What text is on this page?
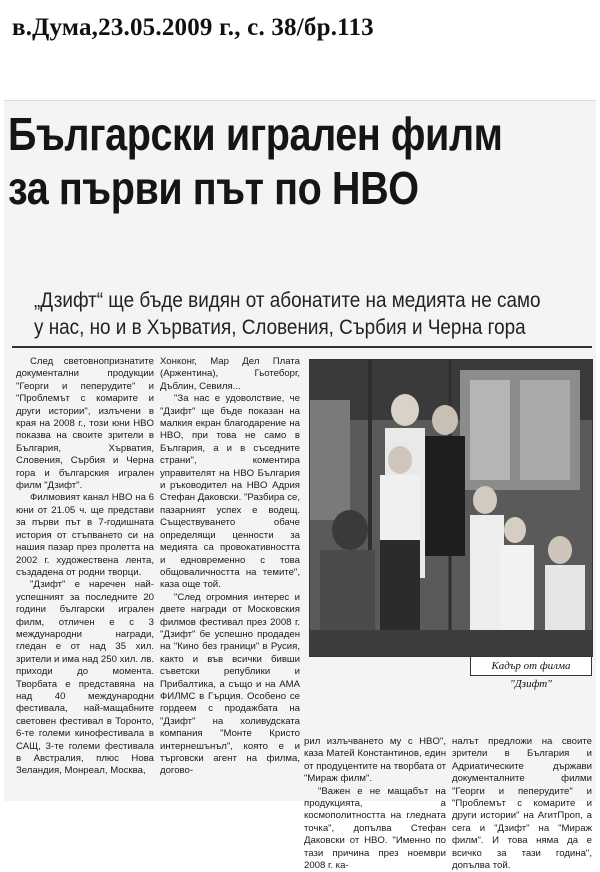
в.Дума,23.05.2009 г., с. 38/бр.113
Български игрален филм
за първи път по HBO
„Дзифт“ ще бъде видян от абонатите на медията не само
у нас, но и в Хърватия, Словения, Сърбия и Черна гора

След световнопризнатите документални продукции "Георги и пеперудите" и "Проблемът с комарите и други истории", излъчени в края на 2008 г., този юни HBO показва на своите зрители в България, Хърватия, Словения, Сърбия и Черна гора и българския игрален филм "Дзифт".

Филмовият канал HBO на 6 юни от 21.05 ч. ще представи за първи път в 7-годишната история от стъпването си на нашия пазар през пролетта на 2002 г. художествена лента, създадена от родни творци.

"Дзифт" е наречен най-успешният за последните 20 години български игрален филм, отличен е с 3 международни награди, гледан е от над 35 хил. зрители и има над 250 хил. лв. приходи до момента. Творбата е представяна на над 40 международни фестивала, най-мащабните световен фестивал в Торонто, 6-те големи кинофестивала в САЩ, 3-те големи фестивала в Австралия, плюс Нова Зеландия, Монреал, Москва,

Хонконг, Мар Дел Плата (Аржентина), Гьотеборг, Дъблин, Севиля...

"За нас е удоволствие, че "Дзифт" ще бъде показан на малкия екран благодарение на HBO, при това не само в България, а и в съседните страни", коментира управителят на HBO България и ръководител на HBO Адрия Стефан Даковски. "Разбира се, пазарният успех е водещ. Съществуването обаче определящи ценности за медията са провокативността и едновременно с това общоваличността на темите", каза още той.

"След огромния интерес и двете награди от Московския филмов фестивал през 2008 г. "Дзифт" бе успешно продаден на "Кино без граници" в Русия, както и във всички бивши съветски републики и Прибалтика, а също и на АМА ФИЛМС в Гърция. Особено се гордеем с продажбата на "Дзифт" на холивудската компания "Монте Кристо интернешънъл", която е и търговски агент на филма, догово-

Кадър от филма "Дзифт"

рил излъчването му с HBO", каза Матей Константинов, един от продуцентите на творбата от "Мираж филм".

"Важен е не мащабът на продукцията, а космополитността на гледната точка", допълва Стефан Даковски от HBO. "Именно по тази причина през ноември 2008 г. ка-

налът предложи на своите зрители в България и Адриатическите държави документалните филми "Георги и пеперудите" и "Проблемът с комарите и други истории" на АгитПроп, а сега и "Дзифт" на "Мираж филм". И това няма да е всичко за тази година", допълва той.
